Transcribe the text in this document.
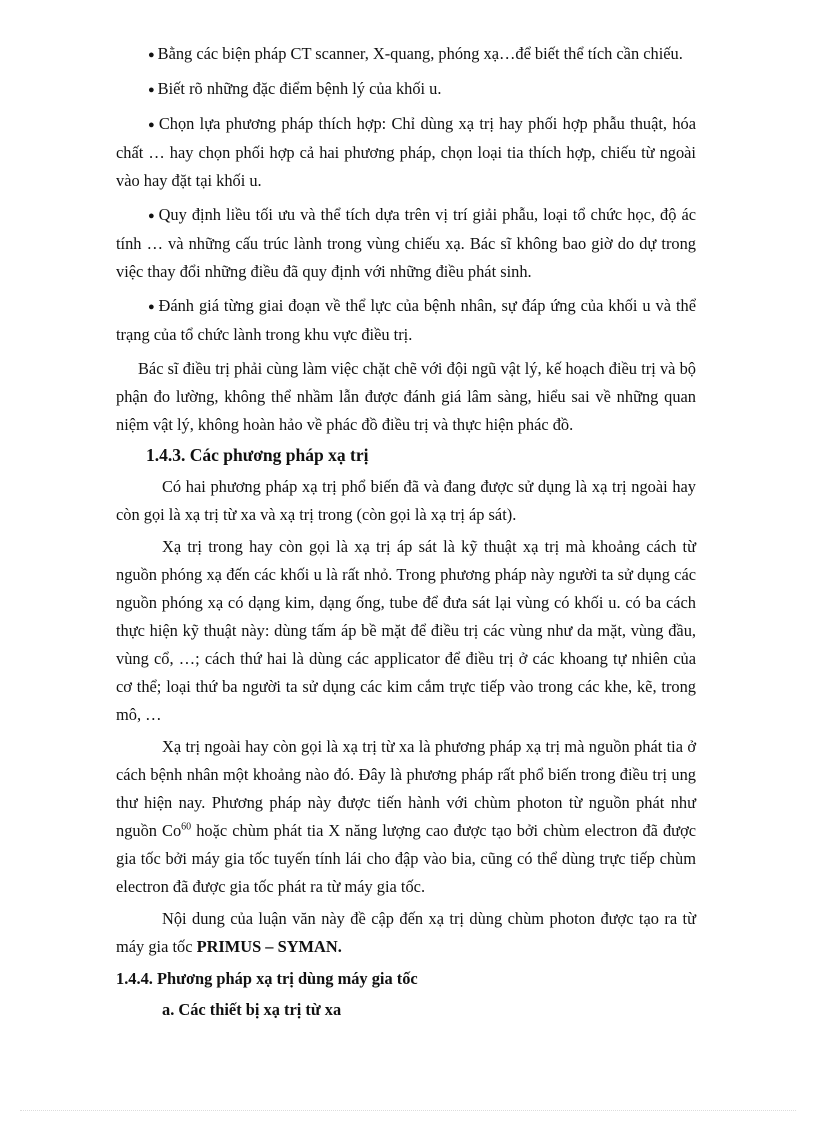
● Bằng các biện pháp CT scanner, X-quang, phóng xạ…để biết thể tích cần chiếu.

● Biết rõ những đặc điểm bệnh lý của khối u.

● Chọn lựa phương pháp thích hợp: Chỉ dùng xạ trị hay phối hợp phẫu thuật, hóa chất … hay chọn phối hợp cả hai phương pháp, chọn loại tia thích hợp, chiếu từ ngoài vào hay đặt tại khối u.

● Quy định liều tối ưu và thể tích dựa trên vị trí giải phẫu, loại tổ chức học, độ ác tính … và những cấu trúc lành trong vùng chiếu xạ. Bác sĩ không bao giờ do dự trong việc thay đổi những điều đã quy định với những điều phát sinh.

● Đánh giá từng giai đoạn về thể lực của bệnh nhân, sự đáp ứng của khối u và thể trạng của tổ chức lành trong khu vực điều trị.

Bác sĩ điều trị phải cùng làm việc chặt chẽ với đội ngũ vật lý, kế hoạch điều trị và bộ phận đo lường, không thể nhầm lẫn được đánh giá lâm sàng, hiểu sai về những quan niệm vật lý, không hoàn hảo về phác đồ điều trị và thực hiện phác đồ.

1.4.3. Các phương pháp xạ trị

Có hai phương pháp xạ trị phổ biến đã và đang được sử dụng là xạ trị ngoài hay còn gọi là xạ trị từ xa và xạ trị trong (còn gọi là xạ trị áp sát).

Xạ trị trong hay còn gọi là xạ trị áp sát là kỹ thuật xạ trị mà khoảng cách từ nguồn phóng xạ đến các khối u là rất nhỏ. Trong phương pháp này người ta sử dụng các nguồn phóng xạ có dạng kim, dạng ống, tube để đưa sát lại vùng có khối u. có ba cách thực hiện kỹ thuật này: dùng tấm áp bề mặt để điều trị các vùng như da mặt, vùng đầu, vùng cổ, …; cách thứ hai là dùng các applicator để điều trị ở các khoang tự nhiên của cơ thể; loại thứ ba người ta sử dụng các kim cắm trực tiếp vào trong các khe, kẽ, trong mô, …

Xạ trị ngoài hay còn gọi là xạ trị từ xa là phương pháp xạ trị mà nguồn phát tia ở cách bệnh nhân một khoảng nào đó. Đây là phương pháp rất phổ biến trong điều trị ung thư hiện nay. Phương pháp này được tiến hành với chùm photon từ nguồn phát như nguồn Co$^{60}$ hoặc chùm phát tia X năng lượng cao được tạo bởi chùm electron đã được gia tốc bởi máy gia tốc tuyến tính lái cho đập vào bia, cũng có thể dùng trực tiếp chùm electron đã được gia tốc phát ra từ máy gia tốc.

Nội dung của luận văn này đề cập đến xạ trị dùng chùm photon được tạo ra từ máy gia tốc PRIMUS – SYMAN.

1.4.4. Phương pháp xạ trị dùng máy gia tốc

a. Các thiết bị xạ trị từ xa
